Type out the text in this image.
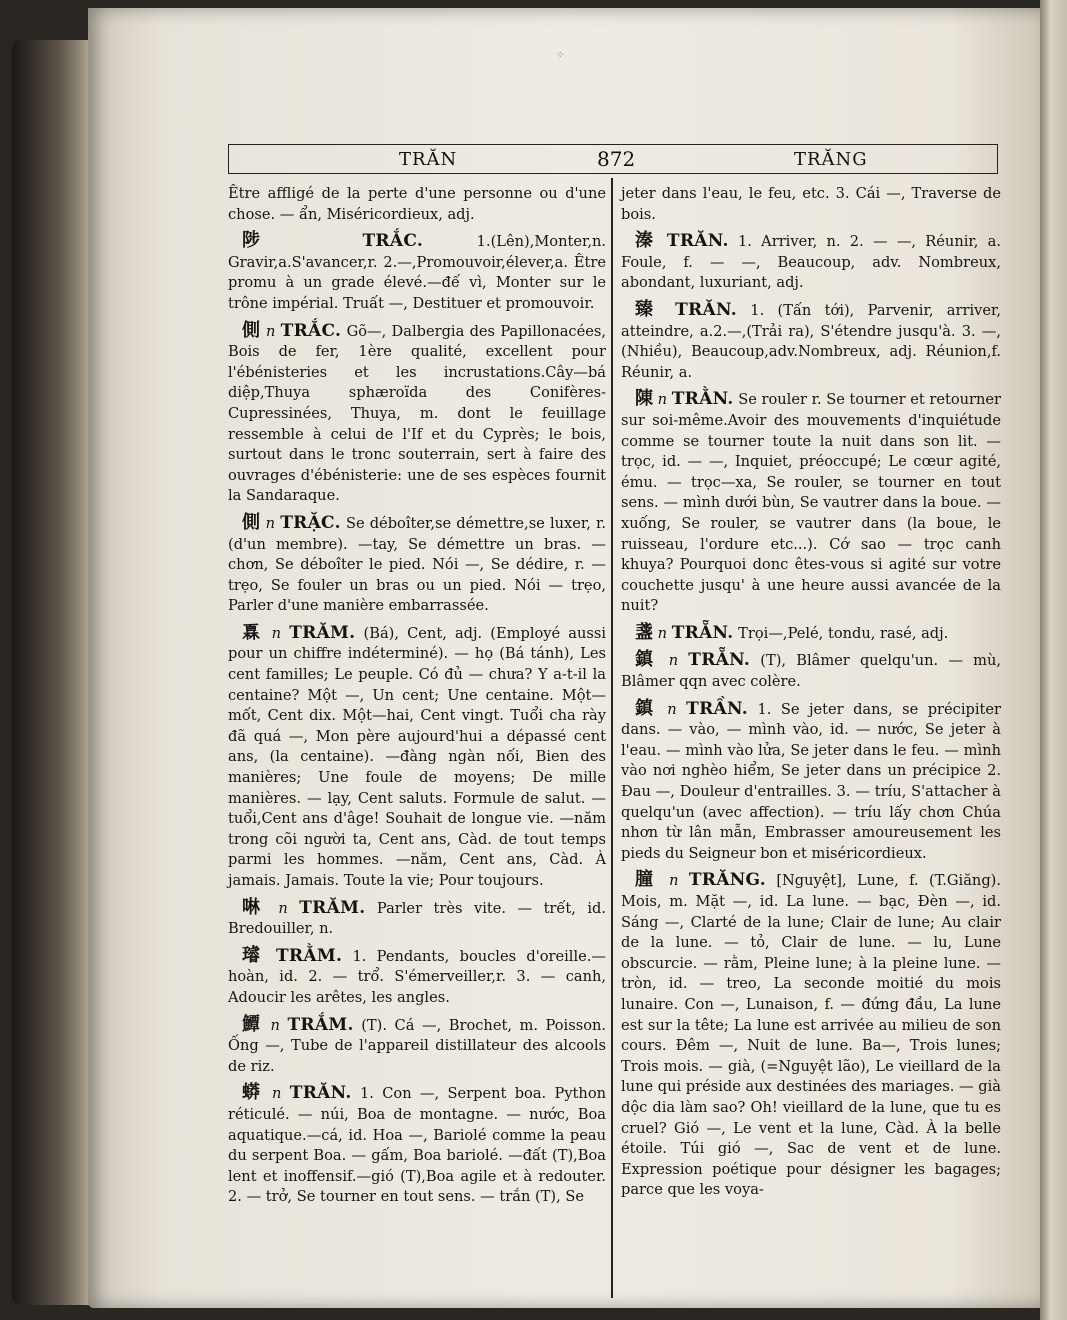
⁘
TRĂN	872	TRĂNG

Être affligé de la perte d'une personne ou d'une chose. — ẩn, Miséricordieux, adj.

陟	TRẮC.	1.(Lên),Monter,n. Gravir,a.S'avancer,r. 2.—,Promouvoir,élever,a. Être promu à un grade élevé.—đế vì, Monter sur le trône impérial. Truất —, Destituer et promouvoir.

側 n TRẮC. Gõ—, Dalbergia des Papillonacées, Bois de fer, 1ère qualité, excellent pour l'ébénisteries et les incrustations.Cây—bá diệp,Thuya sphæroïda des Conifères-Cupressinées, Thuya, m. dont le feuillage ressemble à celui de l'If et du Cyprès; le bois, surtout dans le tronc souterrain, sert à faire des ouvrages d'ébénisterie: une de ses espèces fournit la Sandaraque.

側 n TRẶC. Se déboîter,se démettre,se luxer, r. (d'un membre). —tay, Se démettre un bras. — chơn, Se déboîter le pied. Nói —, Se dédire, r. — trẹo, Se fouler un bras ou un pied. Nói — trẹo, Parler d'une manière embarrassée.

𤾓 n TRĂM. (Bá), Cent, adj. (Employé aussi pour un chiffre indéterminé). — họ (Bá tánh), Les cent familles; Le peuple. Có đủ — chưa? Y a-t-il la centaine? Một —, Un cent; Une centaine. Một— mốt, Cent dix. Một—hai, Cent vingt. Tuổi cha rày đã quá —, Mon père aujourd'hui a dépassé cent ans, (la centaine). —đàng ngàn nối, Bien des manières; Une foule de moyens; De mille manières. — lạy, Cent saluts. Formule de salut. —tuổi,Cent ans d'âge! Souhait de longue vie. —năm trong cõi người ta, Cent ans, Càd. de tout temps parmi les hommes. —năm, Cent ans, Càd. À jamais. Jamais. Toute la vie; Pour toujours.

啉 n TRĂM. Parler très vite. — trết, id. Bredouiller, n.

璿 TRẰM. 1. Pendants, boucles d'oreille.— hoàn, id. 2. — trổ. S'émerveiller,r. 3. — canh, Adoucir les arêtes, les angles.

鱏 n TRẮM. (T). Cá —, Brochet, m. Poisson. Ống —, Tube de l'appareil distillateur des alcools de riz.

蟒 n TRĂN. 1. Con —, Serpent boa. Python réticulé. — núi, Boa de montagne. — nước, Boa aquatique.—cá, id. Hoa —, Bariolé comme la peau du serpent Boa. — gấm, Boa bariolé. —đất (T),Boa lent et inoffensif.—gió (T),Boa agile et à redouter. 2. — trở, Se tourner en tout sens. — trắn (T), Se

jeter dans l'eau, le feu, etc. 3. Cái —, Traverse de bois.

溱 TRĂN. 1. Arriver, n. 2. — —, Réunir, a. Foule, f. — —, Beaucoup, adv. Nombreux, abondant, luxuriant, adj.

臻 TRĂN. 1. (Tấn tới), Parvenir, arriver, atteindre, a.2.—,(Trải ra), S'étendre jusqu'à. 3. —, (Nhiều), Beaucoup,adv.Nombreux, adj. Réunion,f. Réunir, a.

陳 n TRẰN. Se rouler r. Se tourner et retourner sur soi-même.Avoir des mouvements d'inquiétude comme se tourner toute la nuit dans son lit. — trọc, id. — —, Inquiet, préoccupé; Le cœur agité, ému. — trọc—xa, Se rouler, se tourner en tout sens. — mình dưới bùn, Se vautrer dans la boue. — xuống, Se rouler, se vautrer dans (la boue, le ruisseau, l'ordure etc...). Cớ sao — trọc canh khuya? Pourquoi donc êtes-vous si agité sur votre couchette jusqu' à une heure aussi avancée de la nuit?

盞 n TRẴN. Trọi—,Pelé, tondu, rasé, adj.

鎮 n TRẴN. (T), Blâmer quelqu'un. — mù, Blâmer qqn avec colère.

鎮 n TRẦN. 1. Se jeter dans, se précipiter dans. — vào, — mình vào, id. — nước, Se jeter à l'eau. — mình vào lửa, Se jeter dans le feu. — mình vào nơi nghèo hiểm, Se jeter dans un précipice 2. Đau —, Douleur d'entrailles. 3. — tríu, S'attacher à quelqu'un (avec affection). — tríu lấy chơn Chúa nhơn từ lân mẫn, Embrasser amoureusement les pieds du Seigneur bon et miséricordieux.

朣 n TRĂNG. [Nguyệt], Lune, f. (T.Giăng). Mois, m. Mặt —, id. La lune. — bạc, Đèn —, id. Sáng —, Clarté de la lune; Clair de lune; Au clair de la lune. — tỏ, Clair de lune. — lu, Lune obscurcie. — rằm, Pleine lune; à la pleine lune. — tròn, id. — treo, La seconde moitié du mois lunaire. Con —, Lunaison, f. — đứng đầu, La lune est sur la tête; La lune est arrivée au milieu de son cours. Đêm —, Nuit de lune. Ba—, Trois lunes; Trois mois. — già, (=Nguyệt lão), Le vieillard de la lune qui préside aux destinées des mariages. — già dộc dia làm sao? Oh! vieillard de la lune, que tu es cruel? Gió —, Le vent et la lune, Càd. À la belle étoile. Túi gió —, Sac de vent et de lune. Expression poétique pour désigner les bagages; parce que les voya-
